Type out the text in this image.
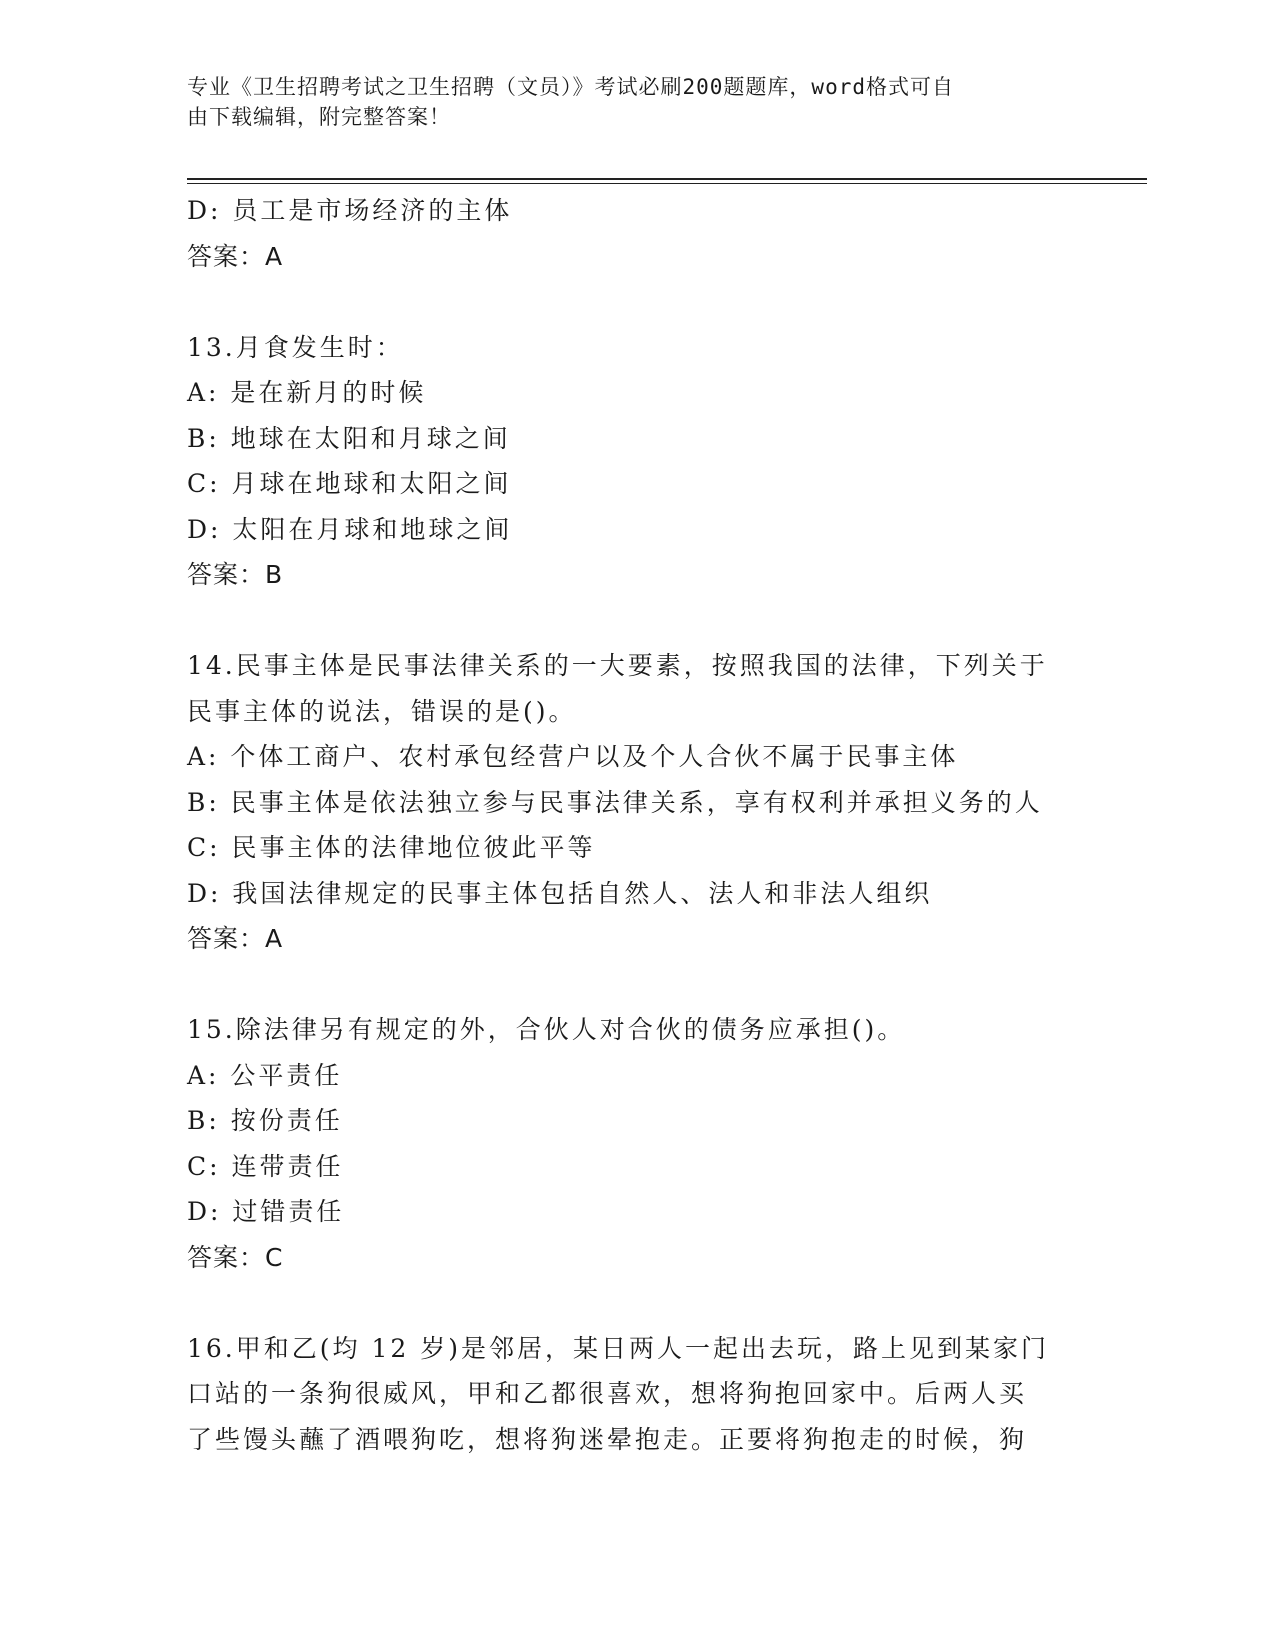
专业《卫生招聘考试之卫生招聘（文员）》考试必刷200题题库，word格式可自
由下载编辑，附完整答案！
D: 员工是市场经济的主体
答案：A
13.月食发生时：
A: 是在新月的时候
B: 地球在太阳和月球之间
C: 月球在地球和太阳之间
D: 太阳在月球和地球之间
答案：B
14.民事主体是民事法律关系的一大要素，按照我国的法律，下列关于
民事主体的说法，错误的是()。
A: 个体工商户、农村承包经营户以及个人合伙不属于民事主体
B: 民事主体是依法独立参与民事法律关系，享有权利并承担义务的人
C: 民事主体的法律地位彼此平等
D: 我国法律规定的民事主体包括自然人、法人和非法人组织
答案：A
15.除法律另有规定的外，合伙人对合伙的债务应承担()。
A: 公平责任
B: 按份责任
C: 连带责任
D: 过错责任
答案：C
16.甲和乙(均 12 岁)是邻居，某日两人一起出去玩，路上见到某家门
口站的一条狗很威风，甲和乙都很喜欢，想将狗抱回家中。后两人买
了些馒头蘸了酒喂狗吃，想将狗迷晕抱走。正要将狗抱走的时候，狗
